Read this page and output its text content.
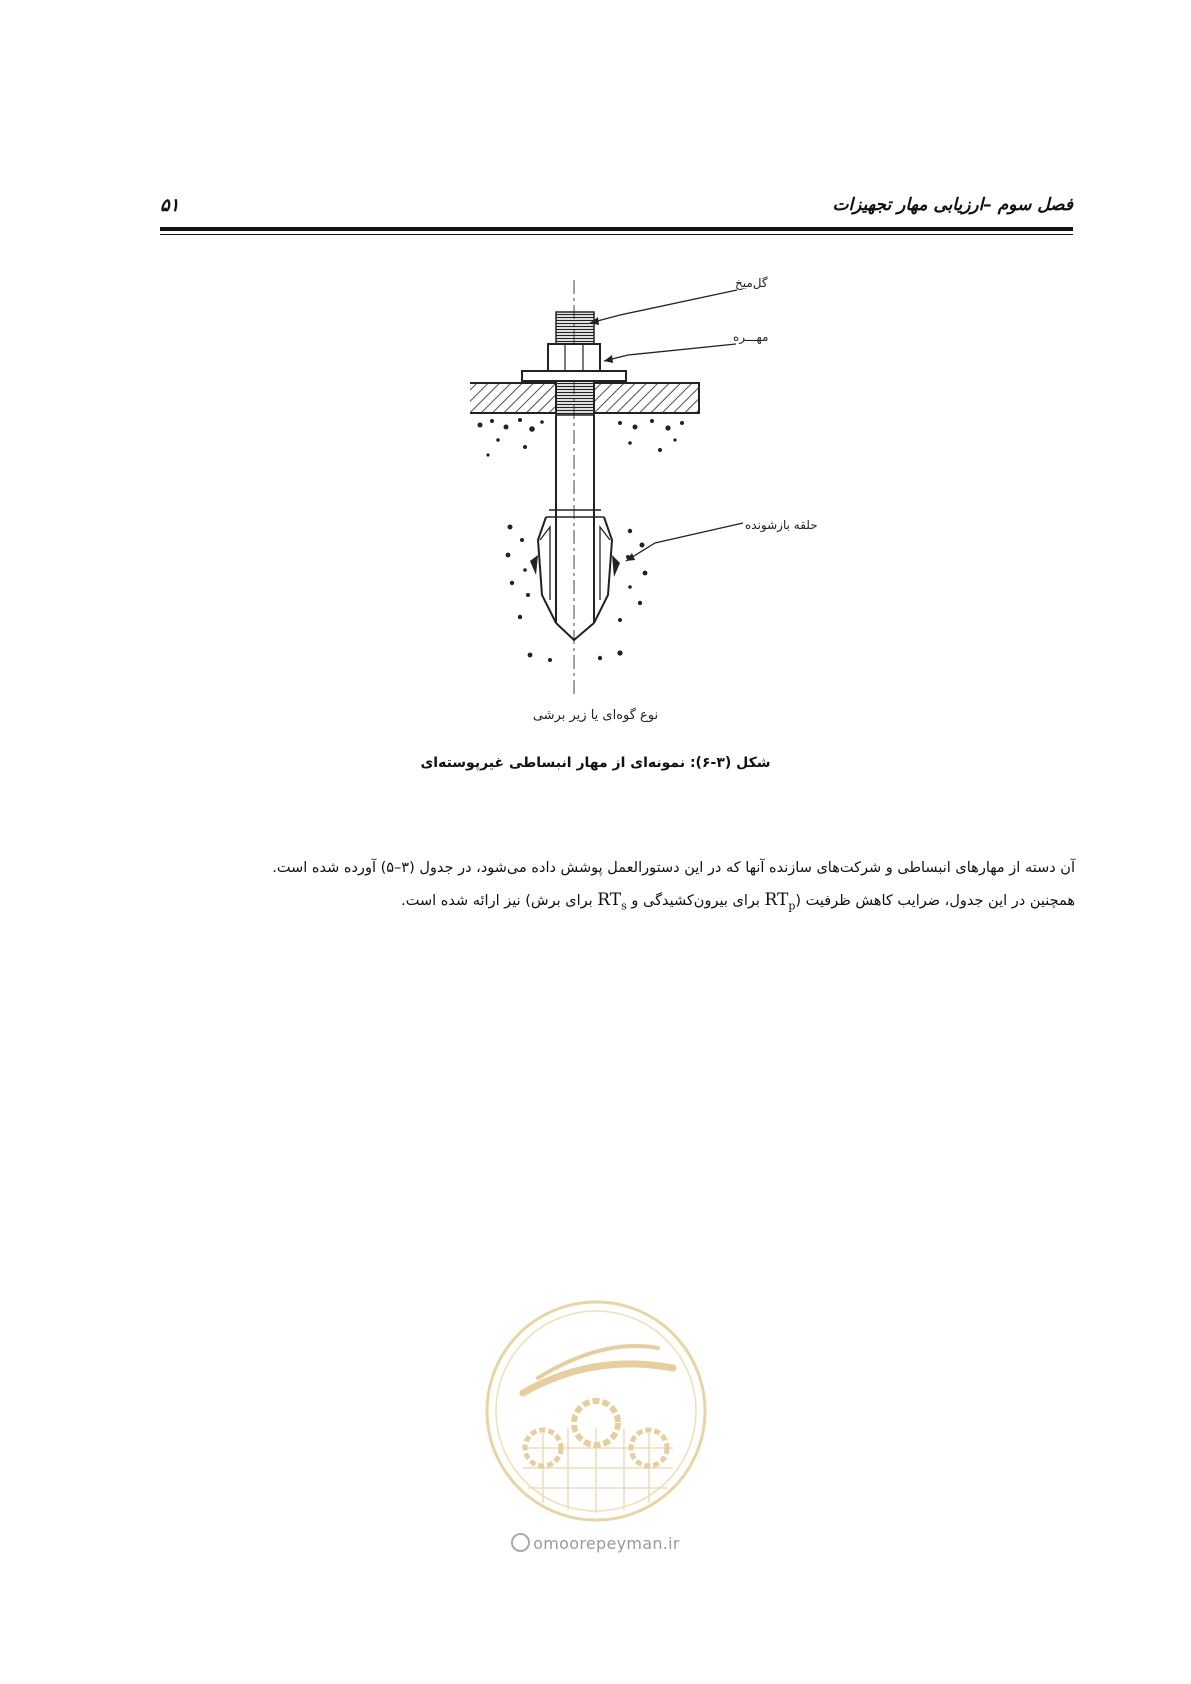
فصل سوم –ارزیابی مهار تجهیزات
۵۱
گل‌میخ
مهـــره
حلقه بازشونده
نوع گوه‌ای یا زیر برشی
شکل (۳-۶): نمونه‌ای از مهار انبساطی غیرپوسته‌ای

آن دسته از مهارهای انبساطی و شرکت‌های سازنده آنها که در این دستورالعمل پوشش داده می‌شود، در جدول (۳–۵) آورده شده است.

همچنین در این جدول، ضرایب کاهش ظرفیت ($RT_p$ برای بیرون‌کشیدگی و $RT_s$ برای برش) نیز ارائه شده است.

omoorepeyman.ir
